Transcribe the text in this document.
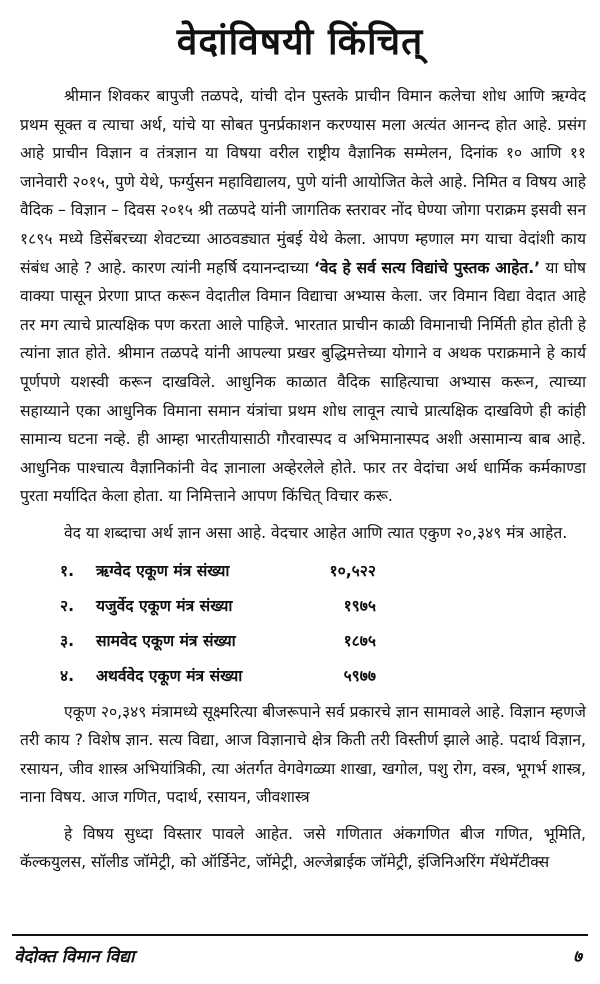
वेदांविषयी किंचित्

श्रीमान शिवकर बापुजी तळपदे, यांची दोन पुस्तके प्राचीन विमान कलेचा शोध आणि ऋग्वेद प्रथम सूक्त व त्याचा अर्थ, यांचे या सोबत पुनर्प्रकाशन करण्यास मला अत्यंत आनन्द होत आहे. प्रसंग आहे प्राचीन विज्ञान व तंत्रज्ञान या विषया वरील राष्ट्रीय वैज्ञानिक सम्मेलन, दिनांक १० आणि ११ जानेवारी २०१५, पुणे येथे, फर्ग्युसन महाविद्यालय, पुणे यांनी आयोजित केले आहे. निमित व विषय आहे वैदिक – विज्ञान – दिवस २०१५ श्री तळपदे यांनी जागतिक स्तरावर नोंद घेण्या जोगा पराक्रम इसवी सन १८९५ मध्ये डिसेंबरच्या शेवटच्या आठवड्यात मुंबई येथे केला. आपण म्हणाल मग याचा वेदांशी काय संबंध आहे ? आहे. कारण त्यांनी महर्षि दयानन्दाच्या ‘वेद हे सर्व सत्य विद्यांचे पुस्तक आहेत.’ या घोष वाक्या पासून प्रेरणा प्राप्त करून वेदातील विमान विद्याचा अभ्यास केला. जर विमान विद्या वेदात आहे तर मग त्याचे प्रात्यक्षिक पण करता आले पाहिजे. भारतात प्राचीन काळी विमानाची निर्मिती होत होती हे त्यांना ज्ञात होते. श्रीमान तळपदे यांनी आपल्या प्रखर बुद्धिमत्तेच्या योगाने व अथक पराक्रमाने हे कार्य पूर्णपणे यशस्वी करून दाखविले. आधुनिक काळात वैदिक साहित्याचा अभ्यास करून, त्याच्या सहाय्याने एका आधुनिक विमाना समान यंत्रांचा प्रथम शोध लावून त्याचे प्रात्यक्षिक दाखविणे ही कांही सामान्य घटना नव्हे. ही आम्हा भारतीयासाठी गौरवास्पद व अभिमानास्पद अशी असामान्य बाब आहे. आधुनिक पाश्चात्य वैज्ञानिकांनी वेद ज्ञानाला अव्हेरलेले होते. फार तर वेदांचा अर्थ धार्मिक कर्मकाण्डा पुरता मर्यादित केला होता. या निमित्ताने आपण किंचित् विचार करू.

वेद या शब्दाचा अर्थ ज्ञान असा आहे. वेदचार आहेत आणि त्यात एकुण २०,३४९ मंत्र आहेत.

१.	ऋग्वेद एकूण मंत्र संख्या	१०,५२२
२.	यजुर्वेद एकूण मंत्र संख्या	१९७५
३.	सामवेद एकूण मंत्र संख्या	१८७५
४.	अथर्ववेद एकूण मंत्र संख्या	५९७७

एकूण २०,३४९ मंत्रामध्ये सूक्ष्मरित्या बीजरूपाने सर्व प्रकारचे ज्ञान सामावले आहे. विज्ञान म्हणजे तरी काय ? विशेष ज्ञान. सत्य विद्या, आज विज्ञानाचे क्षेत्र किती तरी विस्तीर्ण झाले आहे. पदार्थ विज्ञान, रसायन, जीव शास्त्र अभियांत्रिकी, त्या अंतर्गत वेगवेगळ्या शाखा, खगोल, पशु रोग, वस्त्र, भूगर्भ शास्त्र, नाना विषय. आज गणित, पदार्थ, रसायन, जीवशास्त्र

हे विषय सुध्दा विस्तार पावले आहेत. जसे गणितात अंकगणित बीज गणित, भूमिति, कॅल्कयुलस, सॉलीड जॉमेट्री, को ऑर्डिनेट, जॉमेट्री, अल्जेब्राईक जॉमेट्री, इंजिनिअरिंग मॅथेमॅटीक्स

वेदोक्त विमान विद्या	७
